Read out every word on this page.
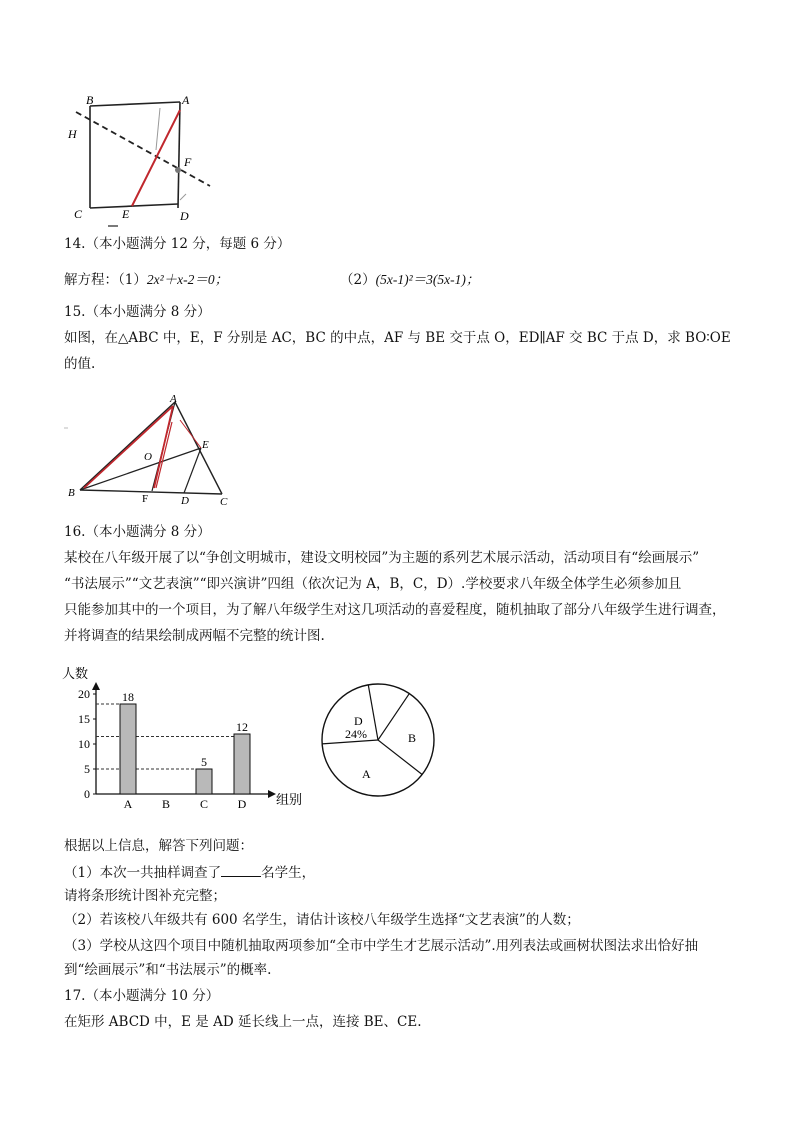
B	A
H
F
C	E	D
14.（本小题满分 12 分，每题 6 分）
解方程：（1）2x²＋x-2＝0；	（2）(5x-1)²＝3(5x-1)；
15.（本小题满分 8 分）
如图，在△ABC 中，E，F 分别是 AC，BC 的中点，AF 与 BE 交于点 O，ED∥AF 交 BC 于点 D，求 BO∶OE
的值.
A
E
O
B	F	D	C
16.（本小题满分 8 分）
某校在八年级开展了以“争创文明城市，建设文明校园”为主题的系列艺术展示活动，活动项目有“绘画展示”
“书法展示”“文艺表演”“即兴演讲”四组（依次记为 A，B，C，D）.学校要求八年级全体学生必须参加且
只能参加其中的一个项目，为了解八年级学生对这几项活动的喜爱程度，随机抽取了部分八年级学生进行调查，
并将调查的结果绘制成两幅不完整的统计图.
人数
组别
0
5
10
15
20
A
18
B C
5
D
12	D
24%	B
A
根据以上信息，解答下列问题：
（1）本次一共抽样调查了	名学生，
请将条形统计图补充完整；
（2）若该校八年级共有 600 名学生，请估计该校八年级学生选择“文艺表演”的人数；
（3）学校从这四个项目中随机抽取两项参加“全市中学生才艺展示活动”.用列表法或画树状图法求出恰好抽
到“绘画展示”和“书法展示”的概率.
17.（本小题满分 10 分）
在矩形 ABCD 中，E 是 AD 延长线上一点，连接 BE、CE.
